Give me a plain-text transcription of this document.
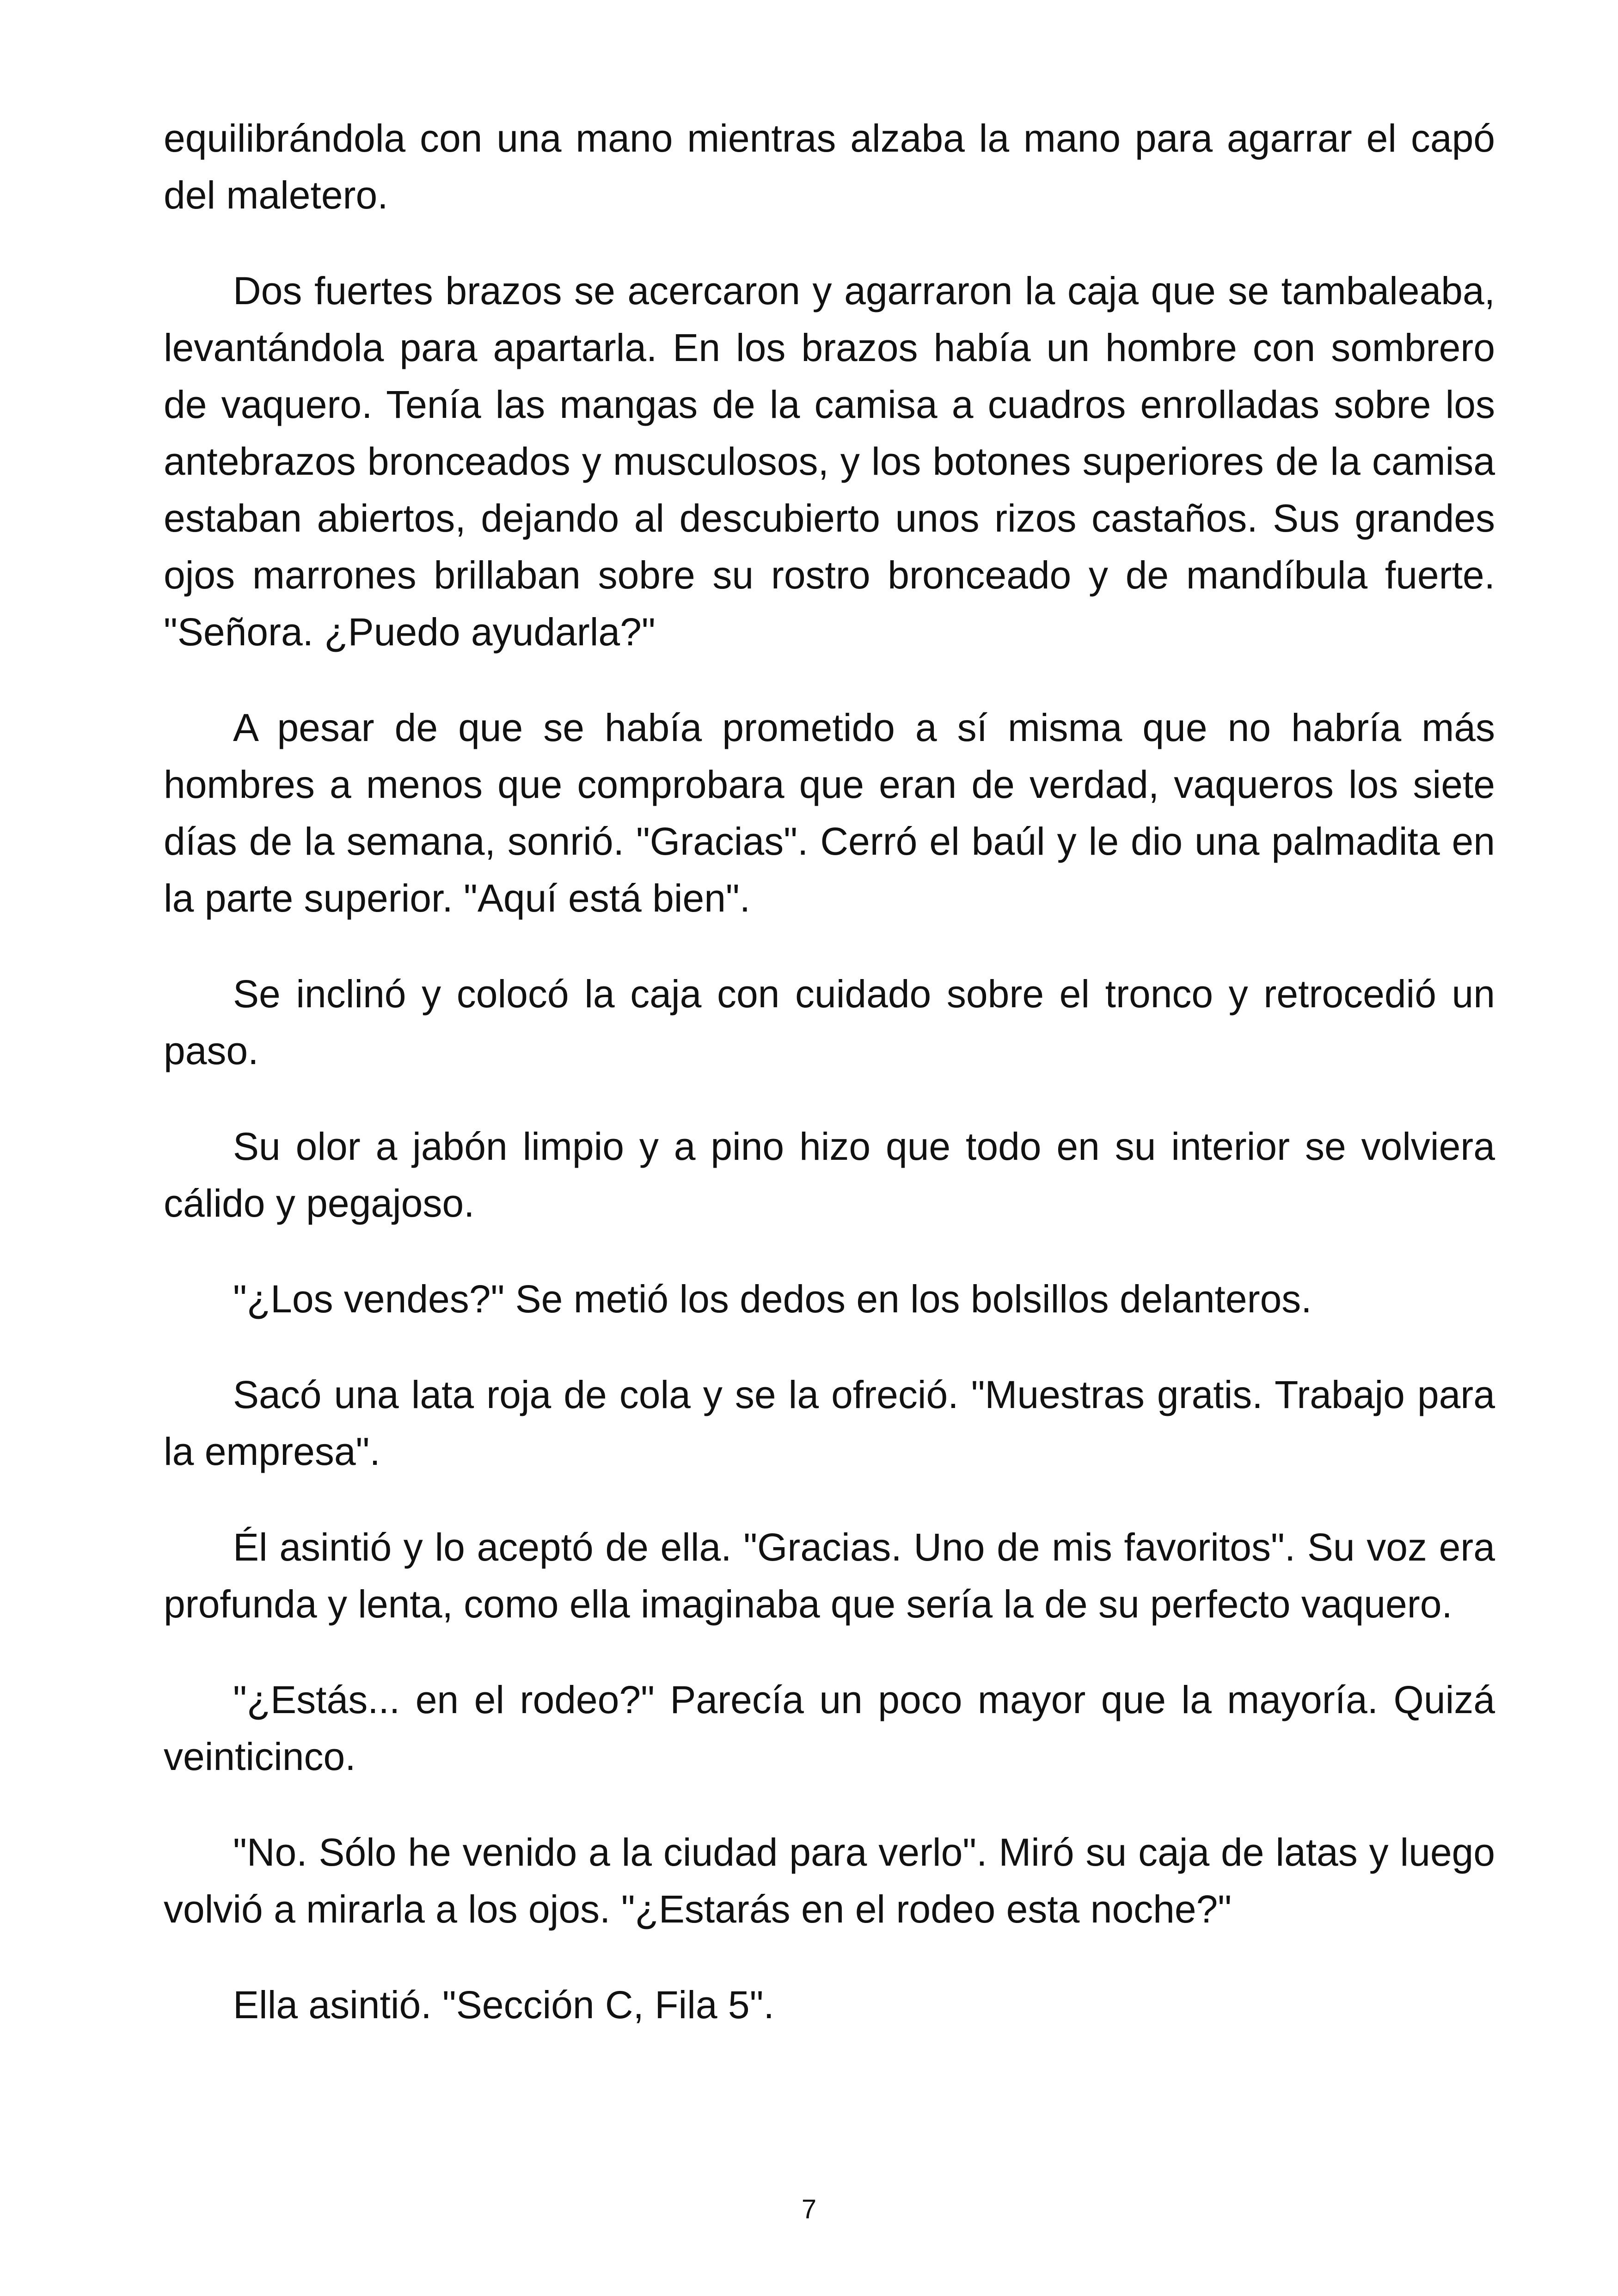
equilibrándola con una mano mientras alzaba la mano para agarrar el capó del maletero.

Dos fuertes brazos se acercaron y agarraron la caja que se tambaleaba, levantándola para apartarla. En los brazos había un hombre con sombrero de vaquero. Tenía las mangas de la camisa a cuadros enrolladas sobre los antebrazos bronceados y musculosos, y los botones superiores de la camisa estaban abiertos, dejando al descubierto unos rizos castaños. Sus grandes ojos marrones brillaban sobre su rostro bronceado y de mandíbula fuerte. "Señora. ¿Puedo ayudarla?"

A pesar de que se había prometido a sí misma que no habría más hombres a menos que comprobara que eran de verdad, vaqueros los siete días de la semana, sonrió. "Gracias". Cerró el baúl y le dio una palmadita en la parte superior. "Aquí está bien".

Se inclinó y colocó la caja con cuidado sobre el tronco y retrocedió un paso.

Su olor a jabón limpio y a pino hizo que todo en su interior se volviera cálido y pegajoso.

"¿Los vendes?" Se metió los dedos en los bolsillos delanteros.

Sacó una lata roja de cola y se la ofreció. "Muestras gratis. Trabajo para la empresa".

Él asintió y lo aceptó de ella. "Gracias. Uno de mis favoritos". Su voz era profunda y lenta, como ella imaginaba que sería la de su perfecto vaquero.

"¿Estás... en el rodeo?" Parecía un poco mayor que la mayoría. Quizá veinticinco.

"No. Sólo he venido a la ciudad para verlo". Miró su caja de latas y luego volvió a mirarla a los ojos. "¿Estarás en el rodeo esta noche?"

Ella asintió. "Sección C, Fila 5".

7
